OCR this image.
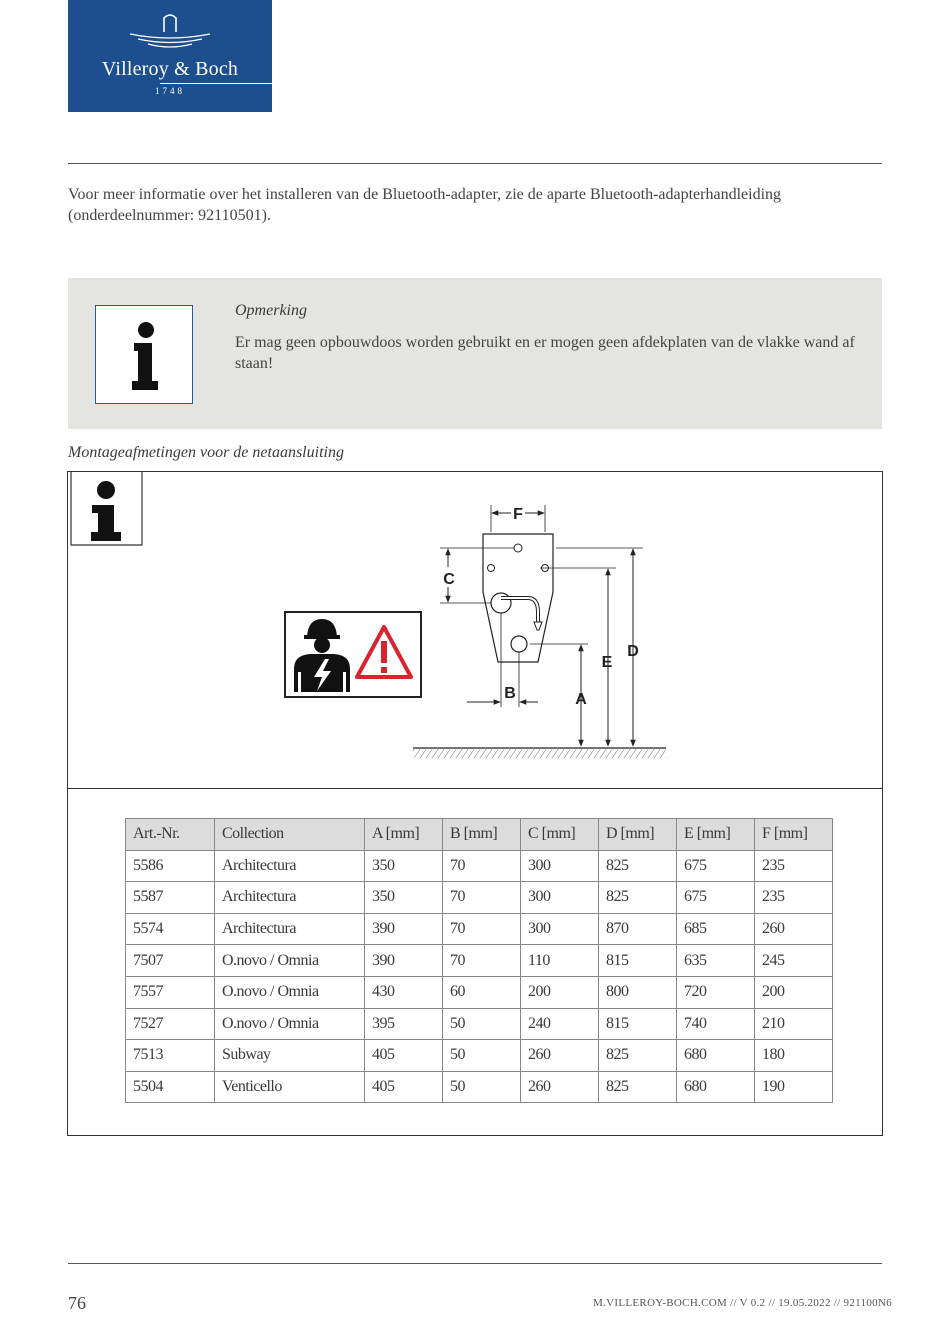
Villeroy & Boch
1748
Voor meer informatie over het installeren van de Bluetooth-adapter, zie de aparte Bluetooth-adapterhandleiding (onderdeelnummer: 92110501).
Opmerking
Er mag geen opbouwdoos worden gebruikt en er mogen geen afdekplaten van de vlakke wand af staan!
Montageafmetingen voor de netaansluiting
F
C
D
E
A
B
Art.-Nr.	Collection	A [mm]	B [mm]	C [mm]	D [mm]	E [mm]	F [mm]
5586	Architectura	350	70	300	825	675	235
5587	Architectura	350	70	300	825	675	235
5574	Architectura	390	70	300	870	685	260
7507	O.novo / Omnia	390	70	110	815	635	245
7557	O.novo / Omnia	430	60	200	800	720	200
7527	O.novo / Omnia	395	50	240	815	740	210
7513	Subway	405	50	260	825	680	180
5504	Venticello	405	50	260	825	680	190
76	M.VILLEROY-BOCH.COM // V 0.2 // 19.05.2022 // 921100N6
